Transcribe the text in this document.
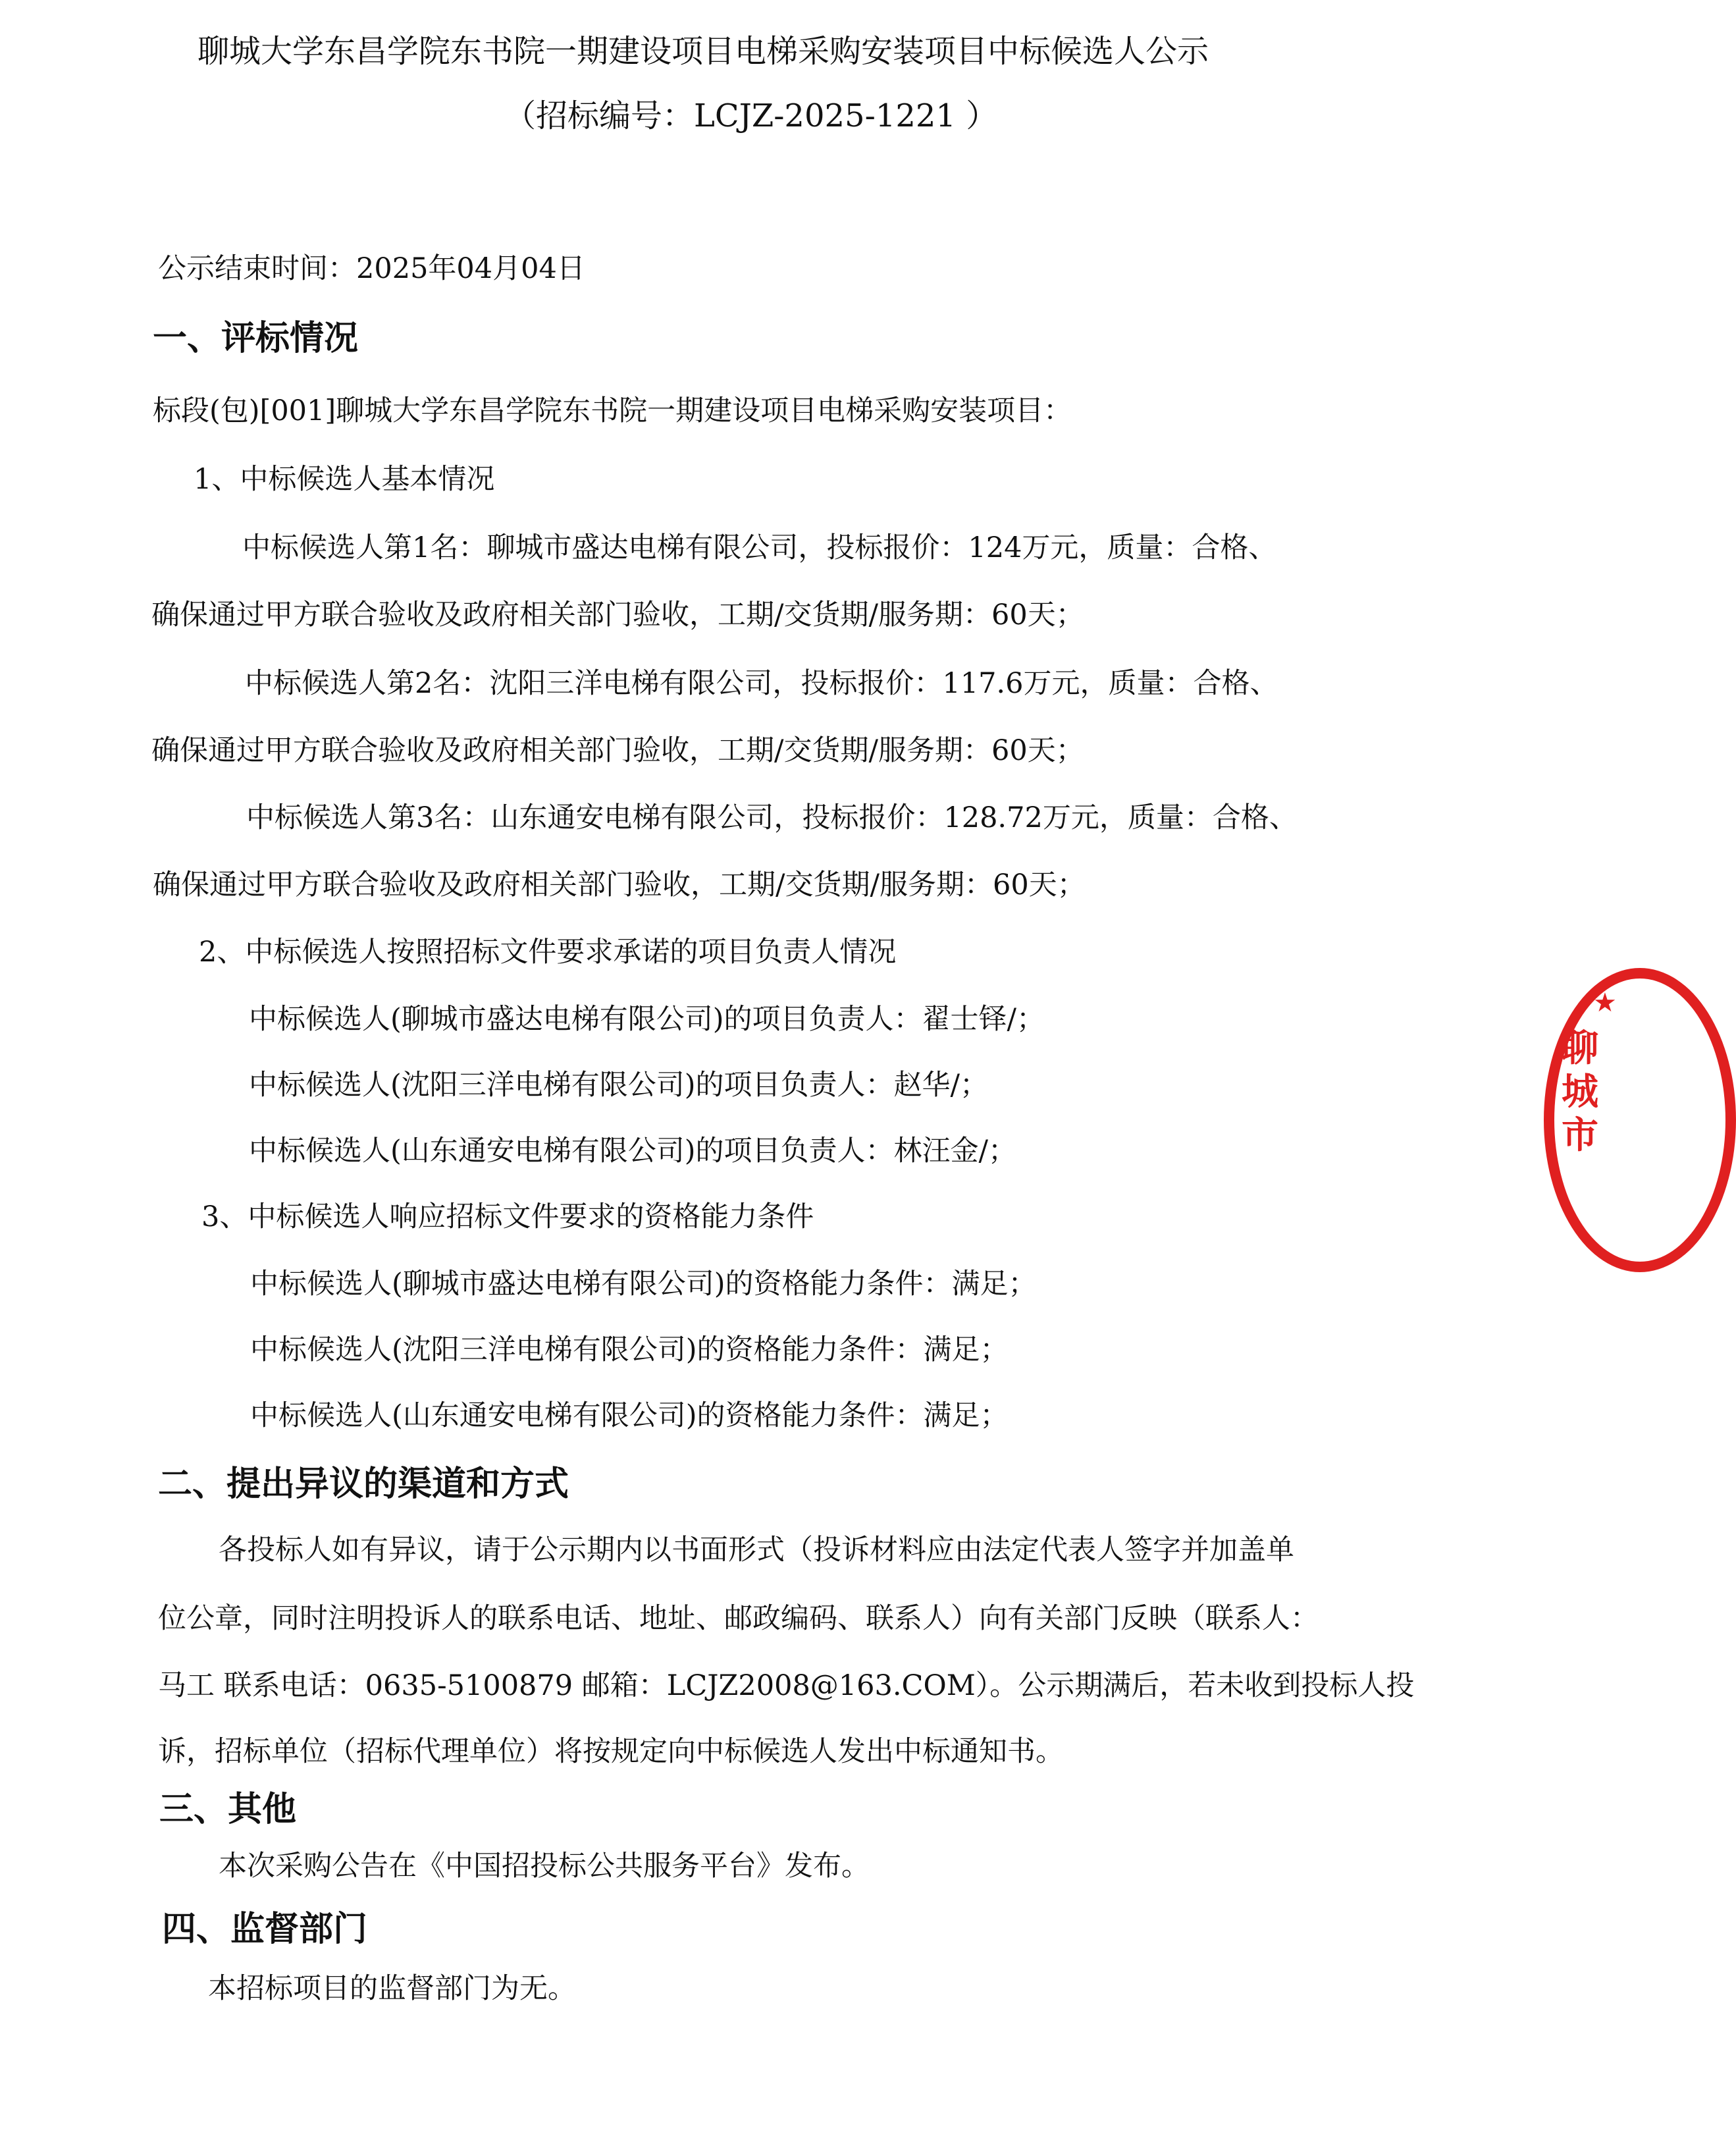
聊城大学东昌学院东书院一期建设项目电梯采购安装项目中标候选人公示
（招标编号：LCJZ-2025-1221 ）
公示结束时间：2025年04月04日
一、评标情况
标段(包)[001]聊城大学东昌学院东书院一期建设项目电梯采购安装项目：
1、中标候选人基本情况
中标候选人第1名：聊城市盛达电梯有限公司，投标报价：124万元，质量：合格、
确保通过甲方联合验收及政府相关部门验收，工期/交货期/服务期：60天；
中标候选人第2名：沈阳三洋电梯有限公司，投标报价：117.6万元，质量：合格、
确保通过甲方联合验收及政府相关部门验收，工期/交货期/服务期：60天；
中标候选人第3名：山东通安电梯有限公司，投标报价：128.72万元，质量：合格、
确保通过甲方联合验收及政府相关部门验收，工期/交货期/服务期：60天；
2、中标候选人按照招标文件要求承诺的项目负责人情况
中标候选人(聊城市盛达电梯有限公司)的项目负责人：翟士铎/；
中标候选人(沈阳三洋电梯有限公司)的项目负责人：赵华/；
中标候选人(山东通安电梯有限公司)的项目负责人：林汪金/；
3、中标候选人响应招标文件要求的资格能力条件
中标候选人(聊城市盛达电梯有限公司)的资格能力条件：满足；
中标候选人(沈阳三洋电梯有限公司)的资格能力条件：满足；
中标候选人(山东通安电梯有限公司)的资格能力条件：满足；
二、提出异议的渠道和方式
各投标人如有异议，请于公示期内以书面形式（投诉材料应由法定代表人签字并加盖单
位公章，同时注明投诉人的联系电话、地址、邮政编码、联系人）向有关部门反映（联系人：
马工 联系电话：0635-5100879 邮箱：LCJZ2008@163.COM）。公示期满后，若未收到投标人投
诉，招标单位（招标代理单位）将按规定向中标候选人发出中标通知书。
三、其他
本次采购公告在《中国招投标公共服务平台》发布。
四、监督部门
本招标项目的监督部门为无。
★
聊城市
